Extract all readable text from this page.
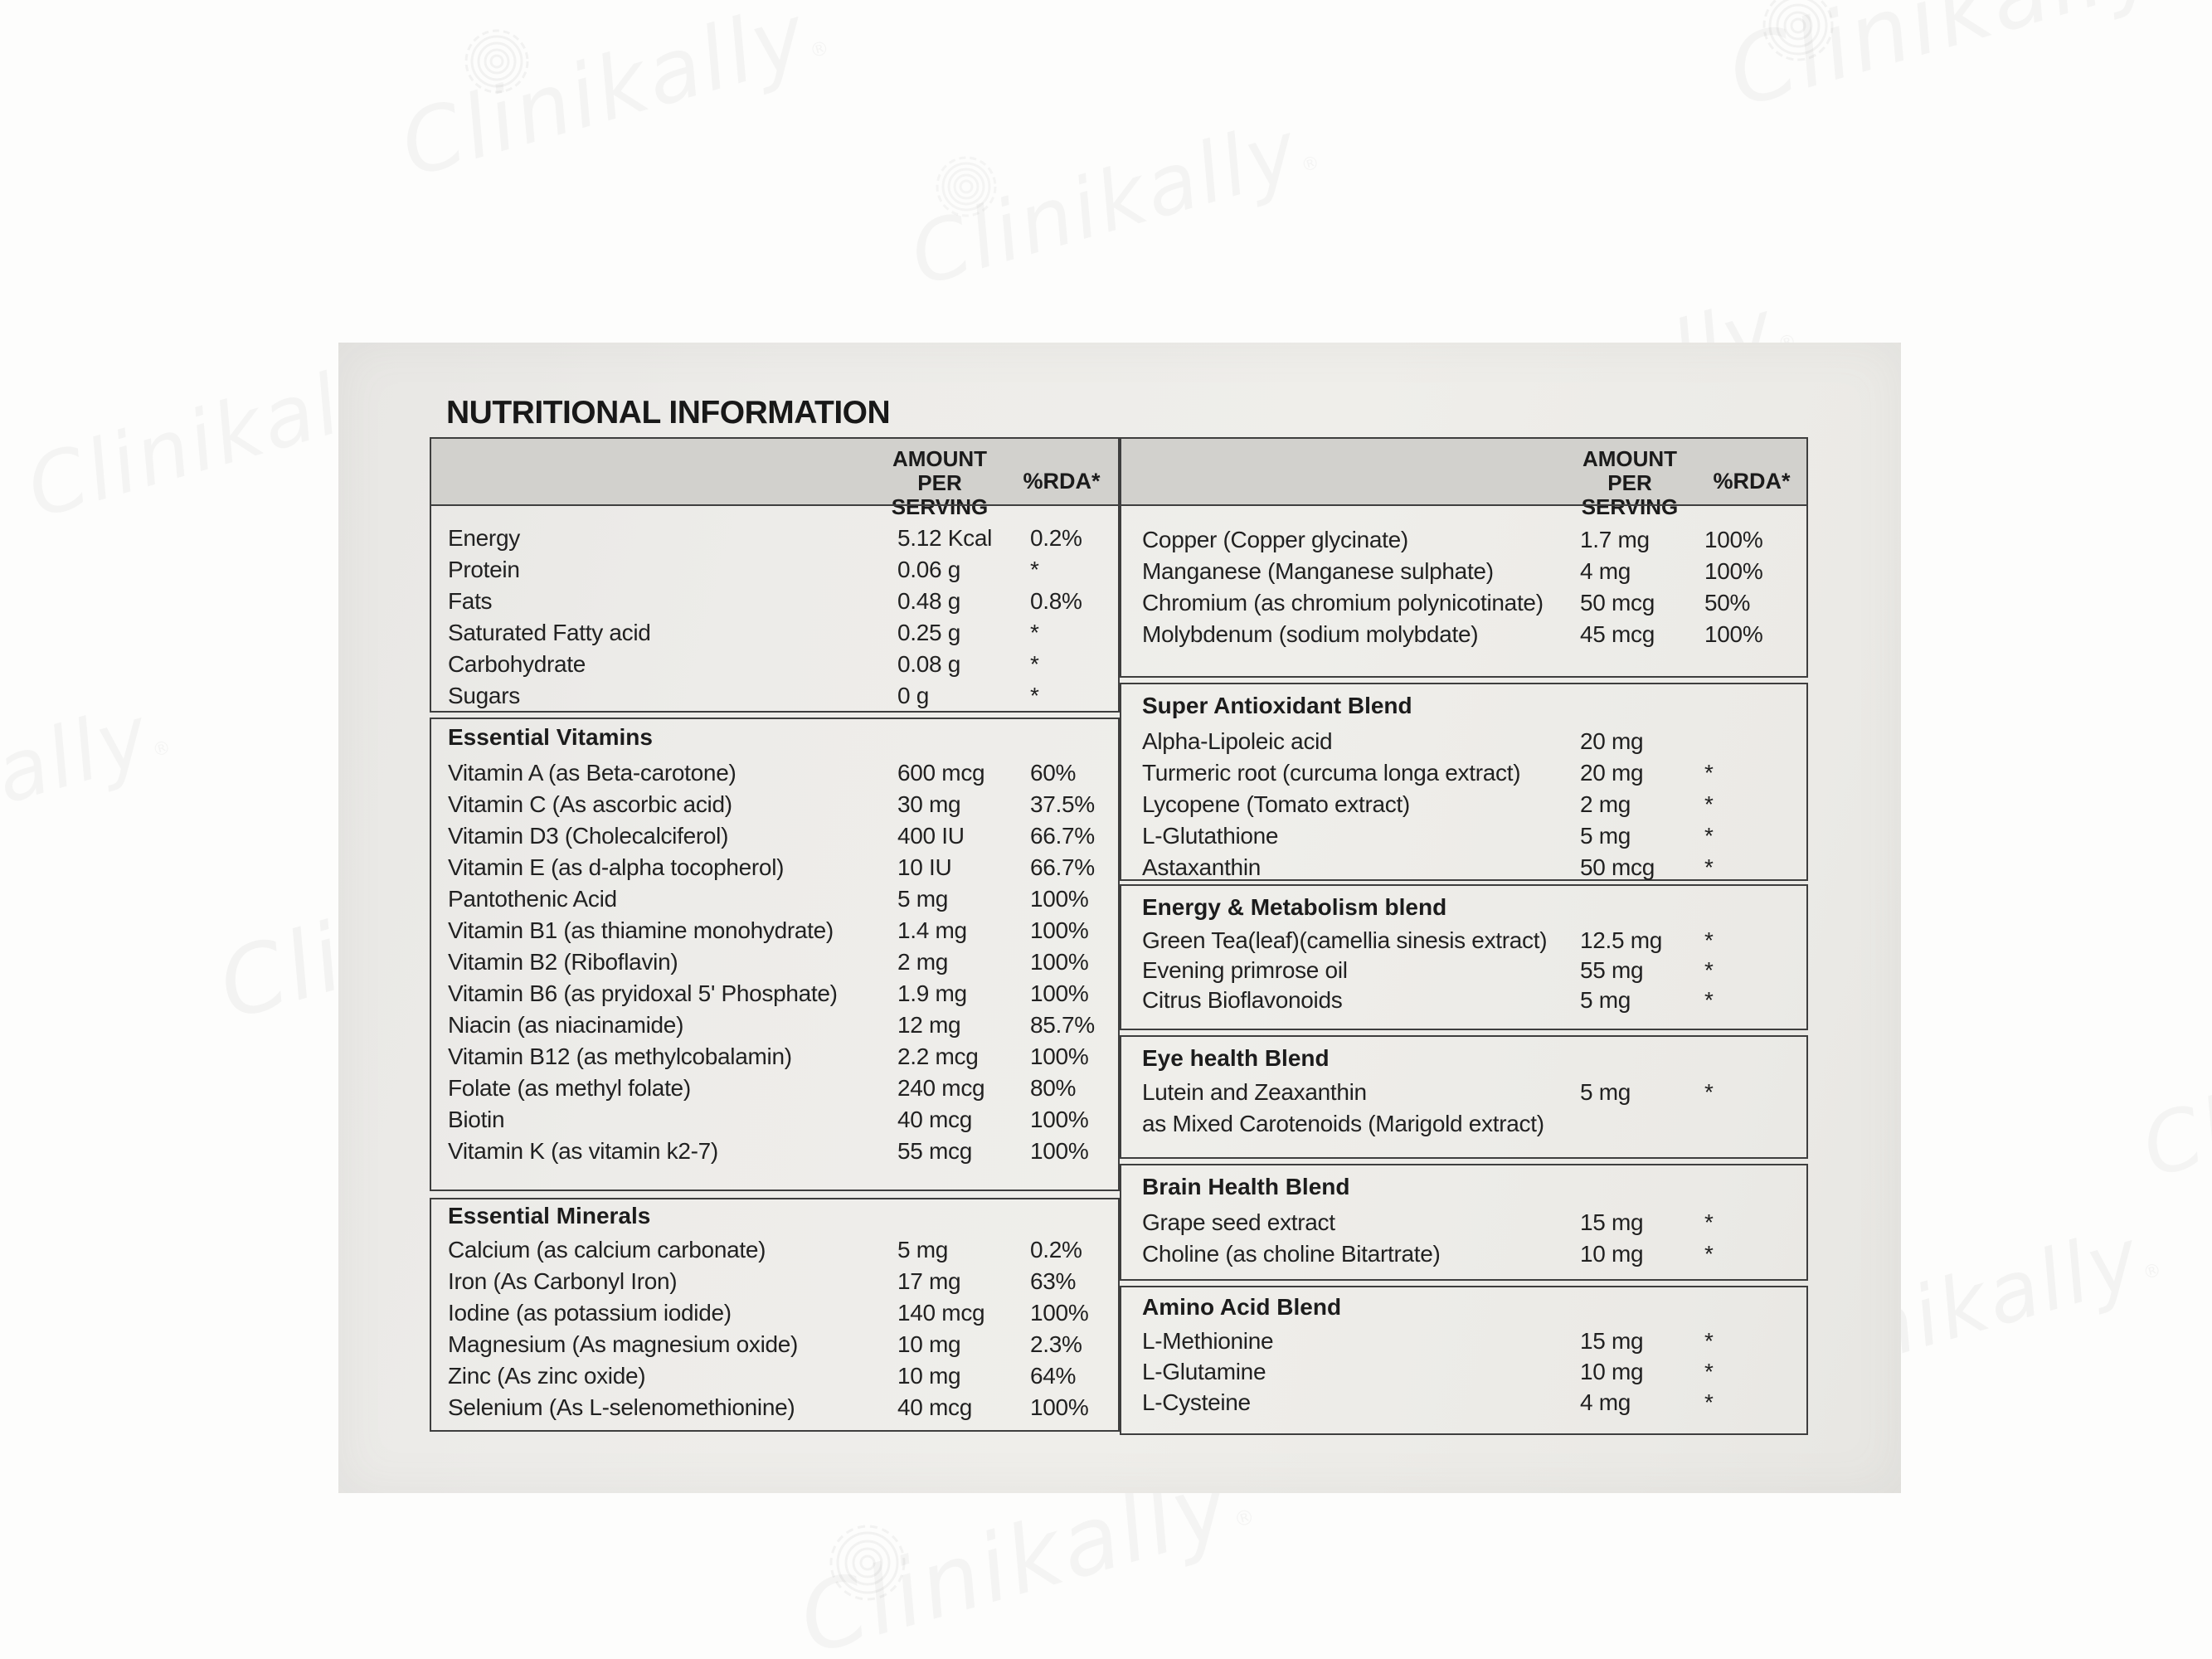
NUTRITIONAL INFORMATION
AMOUNT
PER SERVING
%RDA*
Energy	5.12 Kcal 0.2%
Protein	0.06 g	*
Fats	0.48 g	0.8%
Saturated Fatty acid	0.25 g	*
Carbohydrate	0.08 g	*
Sugars	0 g	*
Essential Vitamins
Vitamin A (as Beta-carotone)	600 mcg 60%
Vitamin C (As ascorbic acid)	30 mg	37.5%
Vitamin D3 (Cholecalciferol)	400 IU	66.7%
Vitamin E (as d-alpha tocopherol)	10 IU	66.7%
Pantothenic Acid	5 mg	100%
Vitamin B1 (as thiamine monohydrate)	1.4 mg	100%
Vitamin B2 (Riboflavin)	2 mg	100%
Vitamin B6 (as pryidoxal 5' Phosphate)	1.9 mg	100%
Niacin (as niacinamide)	12 mg	85.7%
Vitamin B12 (as methylcobalamin)	2.2 mcg 100%
Folate (as methyl folate)	240 mcg 80%
Biotin	40 mcg 100%
Vitamin K (as vitamin k2-7)	55 mcg 100%
Essential Minerals
Calcium (as calcium carbonate)	5 mg	0.2%
Iron (As Carbonyl Iron)	17 mg	63%
Iodine (as potassium iodide)	140 mcg 100%
Magnesium (As magnesium oxide)	10 mg	2.3%
Zinc (As zinc oxide)	10 mg	64%
Selenium (As L-selenomethionine)	40 mcg 100%
AMOUNT
PER SERVING
%RDA*
Copper (Copper glycinate)	1.7 mg 100%
Manganese (Manganese sulphate)	4 mg	100%
Chromium (as chromium polynicotinate) 50 mcg 50%
Molybdenum (sodium molybdate)	45 mcg 100%
Super Antioxidant Blend
Alpha-Lipoleic acid	20 mg
Turmeric root (curcuma longa extract)	20 mg	*
Lycopene (Tomato extract)	2 mg	*
L-Glutathione	5 mg	*
Astaxanthin	50 mcg *
Energy & Metabolism blend
Green Tea(leaf)(camellia sinesis extract) 12.5 mg *
Evening primrose oil	55 mg	*
Citrus Bioflavonoids	5 mg	*
Eye health Blend
Lutein and Zeaxanthin	5 mg	*
as Mixed Carotenoids (Marigold extract)
Brain Health Blend
Grape seed extract	15 mg	*
Choline (as choline Bitartrate)	10 mg	*
Amino Acid Blend
L-Methionine	15 mg	*
L-Glutamine	10 mg	*
L-Cysteine	4 mg	*
